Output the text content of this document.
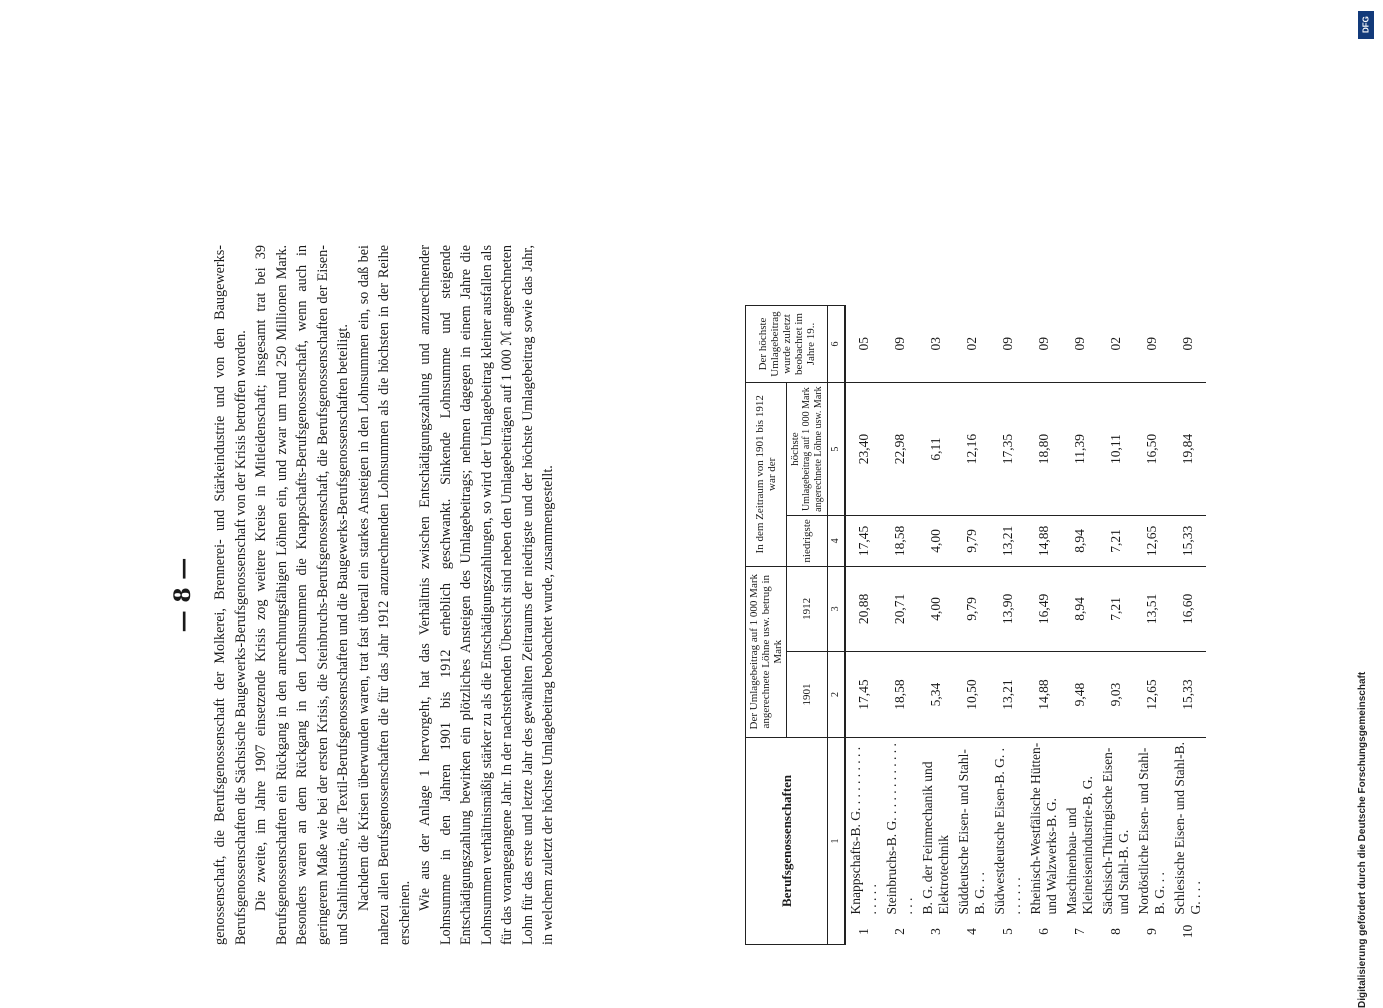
— 8 — genossenschaft, die Berufsgenossenschaft der Molkerei, Brennerei- und Stärkeindustrie und von den Baugewerks-Berufsgenossenschaften die Sächsische Baugewerks-Berufsgenossenschaft von der Krisis betroffen worden. Die zweite, im Jahre 1907 einsetzende Krisis zog weitere Kreise in Mitleidenschaft; insgesamt trat bei 39 Berufsgenossenschaften ein Rückgang in den anrechnungsfähigen Löhnen ein, und zwar um rund 250 Millionen Mark. Besonders waren an dem Rückgang in den Lohnsummen die Knappschafts-Berufsgenossenschaft, wenn auch in geringerem Maße wie bei der ersten Krisis, die Steinbruchs-Berufsgenossenschaft, die Berufsgenossenschaften der Eisen- und Stahlindustrie, die Textil-Berufsgenossenschaften und die Baugewerks-Berufsgenossenschaften beteiligt. Nachdem die Krisen überwunden waren, trat fast überall ein starkes Ansteigen in den Lohnsummen ein, so daß bei nahezu allen Berufsgenossenschaften die für das Jahr 1912 anzurechnenden Lohnsummen als die höchsten in der Reihe erscheinen.

Wie aus der Anlage 1 hervorgeht, hat das Verhältnis zwischen Entschädigungszahlung und anzurechnender Lohnsumme in den Jahren 1901 bis 1912 erheblich geschwankt. Sinkende Lohnsumme und steigende Entschädigungszahlung bewirken ein plötzliches Ansteigen des Umlagebeitrags; nehmen dagegen in einem Jahre die Lohnsummen verhältnismäßig stärker zu als die Entschädigungszahlungen, so wird der Umlagebeitrag kleiner ausfallen als für das vorangegangene Jahr. In der nachstehenden Übersicht sind neben den Umlagebeiträgen auf 1 000 ℳ angerechneten Lohn für das erste und letzte Jahr des gewählten Zeitraums der niedrigste und der höchste Umlagebeitrag sowie das Jahr, in welchem zuletzt der höchste Umlagebeitrag beobachtet wurde, zusammengestellt.	Berufsgenossenschaften		Der Umlagebeitrag auf 1 000 Mark angerechnete Löhne usw. betrug in Mark		In dem Zeitraum von 1901 bis 1912 war der		Der höchste Umlagebeitrag wurde zuletzt beobachtet im Jahre 19..
		1901	1912	niedrigste	höchste Umlagebeitrag auf 1 000 Mark angerechnete Löhne usw. Mark	

1		2	3	4	5	6
1	Knappschafts-B. G. . . . . . . . . . . . . . .	17,45	20,88	17,45	23,40	05
2	Steinbruchs-B. G. . . . . . . . . . . . . . .	18,58	20,71	18,58	22,98	09
3	B. G. der Feinmechanik und Elektrotechnik	5,34	4,00	4,00	6,11	03
4	Süddeutsche Eisen- und Stahl-B. G. . .	10,50	9,79	9,79	12,16	02
5	Südwestdeutsche Eisen-B. G. . . . . . . .	13,21	13,90	13,21	17,35	09
6	Rheinisch-Westfälische Hütten- und Walzwerks-B. G.	14,88	16,49	14,88	18,80	09
7	Maschinenbau- und Kleineisenindustrie-B. G.	9,48	8,94	8,94	11,39	09
8	Sächsisch-Thüringische Eisen- und Stahl-B. G.	9,03	7,21	7,21	10,11	02
9	Nordöstliche Eisen- und Stahl-B. G. . .	12,65	13,51	12,65	16,50	09
10	Schlesische Eisen- und Stahl-B. G. . . .	15,33	16,60	15,33	19,84	09
DFG
Digitalisierung gefördert durch die Deutsche Forschungsgemeinschaft
